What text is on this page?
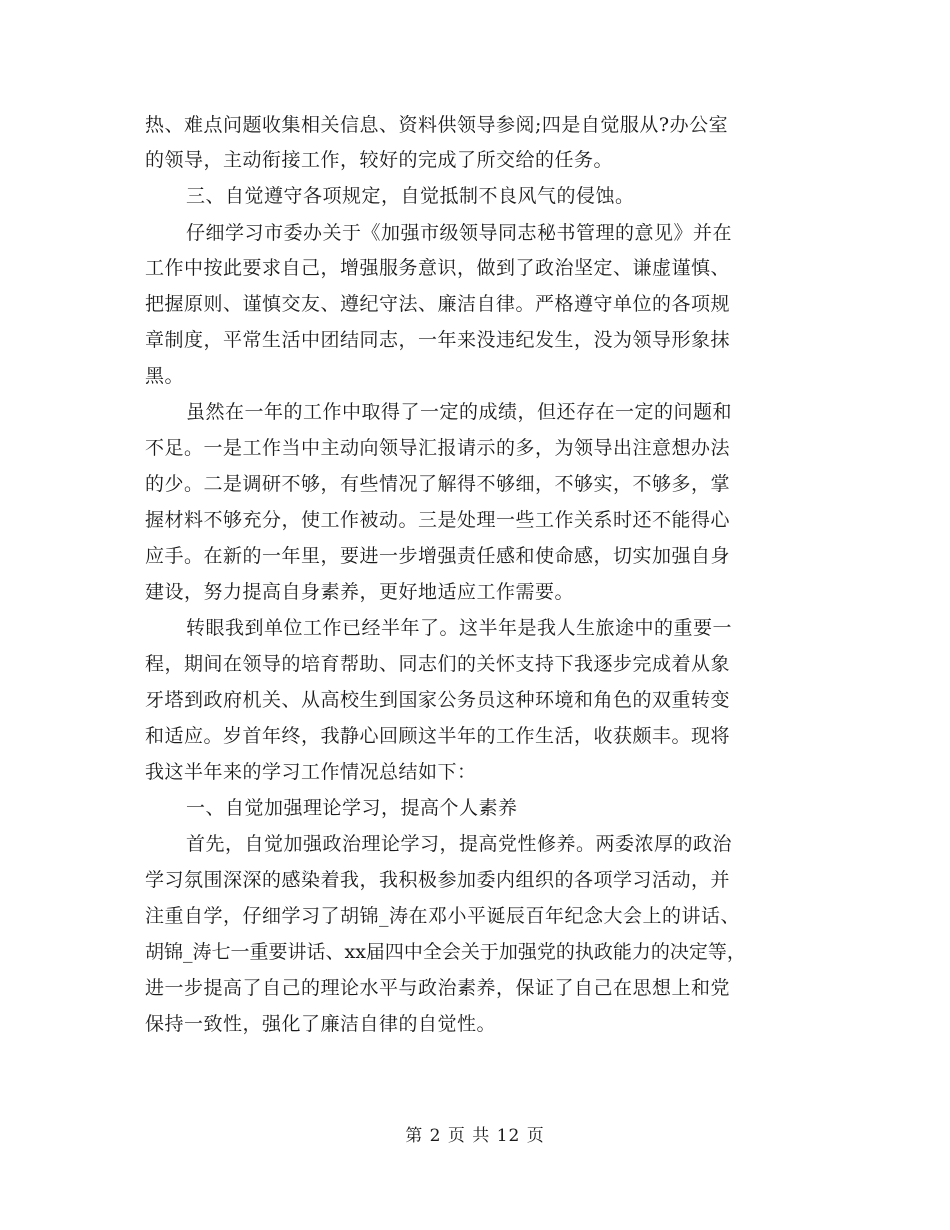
热、难点问题收集相关信息、资料供领导参阅;四是自觉服从?办公室
的领导，主动衔接工作，较好的完成了所交给的任务。
三、自觉遵守各项规定，自觉抵制不良风气的侵蚀。
仔细学习市委办关于《加强市级领导同志秘书管理的意见》并在
工作中按此要求自己，增强服务意识，做到了政治坚定、谦虚谨慎、
把握原则、谨慎交友、遵纪守法、廉洁自律。严格遵守单位的各项规
章制度，平常生活中团结同志，一年来没违纪发生，没为领导形象抹
黑。
虽然在一年的工作中取得了一定的成绩，但还存在一定的问题和
不足。一是工作当中主动向领导汇报请示的多，为领导出注意想办法
的少。二是调研不够，有些情况了解得不够细，不够实，不够多，掌
握材料不够充分，使工作被动。三是处理一些工作关系时还不能得心
应手。在新的一年里，要进一步增强责任感和使命感，切实加强自身
建设，努力提高自身素养，更好地适应工作需要。
转眼我到单位工作已经半年了。这半年是我人生旅途中的重要一
程，期间在领导的培育帮助、同志们的关怀支持下我逐步完成着从象
牙塔到政府机关、从高校生到国家公务员这种环境和角色的双重转变
和适应。岁首年终，我静心回顾这半年的工作生活，收获颇丰。现将
我这半年来的学习工作情况总结如下：
一、自觉加强理论学习，提高个人素养
首先，自觉加强政治理论学习，提高党性修养。两委浓厚的政治
学习氛围深深的感染着我，我积极参加委内组织的各项学习活动，并
注重自学，仔细学习了胡锦_涛在邓小平诞辰百年纪念大会上的讲话、
胡锦_涛七一重要讲话、xx届四中全会关于加强党的执政能力的决定等，
进一步提高了自己的理论水平与政治素养，保证了自己在思想上和党
保持一致性，强化了廉洁自律的自觉性。
第 2 页 共 12 页
